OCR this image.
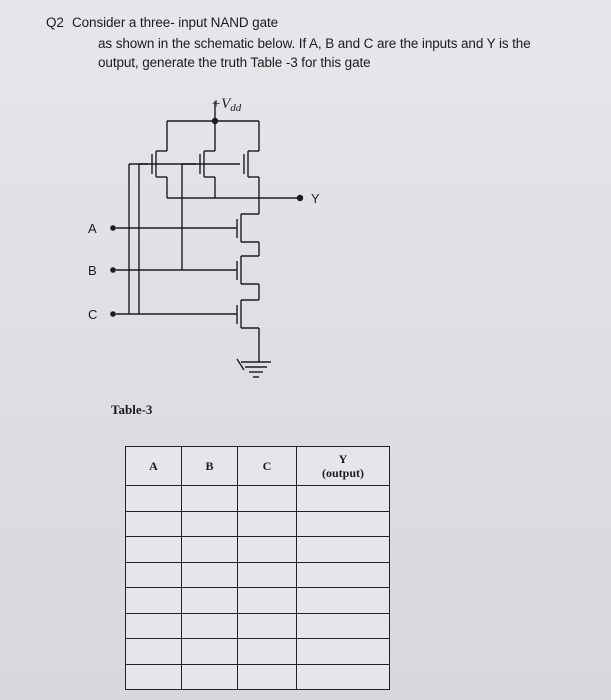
Q2 Consider a three- input NAND gate
as shown in the schematic below. If A, B and C are the inputs and Y is the
output, generate the truth Table -3 for this gate
$+V_{dd}$
Y
A
B
C
Table-3
A	B	C	Y
(output)
